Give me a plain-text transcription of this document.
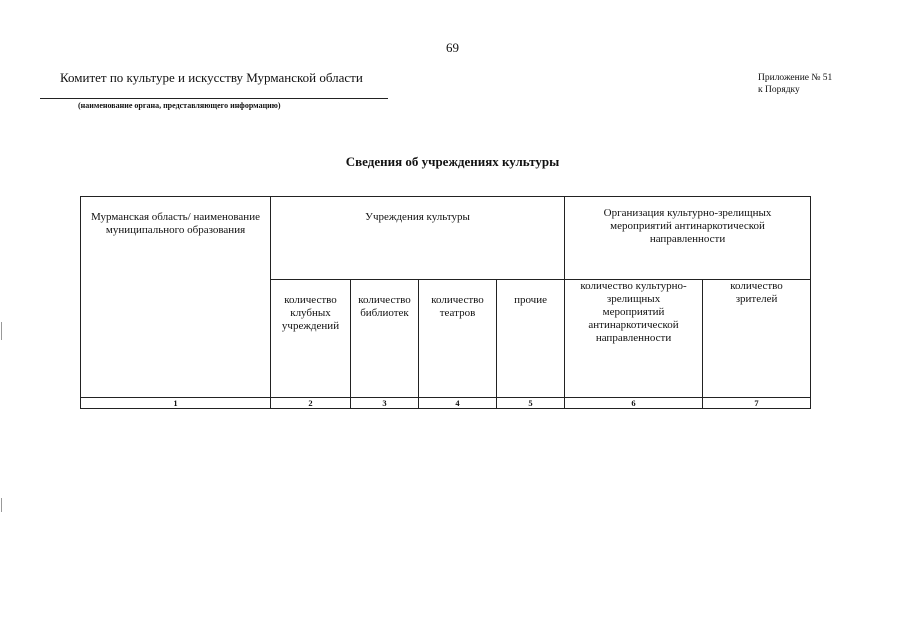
69
Комитет по культуре и искусству Мурманской области
(наименование органа, представляющего информацию)
Приложение № 51
к Порядку
Сведения об учреждениях культуры
Мурманская область/ наименование муниципального образования	Учреждения культуры				Организация культурно-зрелищных мероприятий антинаркотической направленности	
	количество клубных учреждений	количество библиотек	количество театров	прочие	количество культурно-зрелищных мероприятий антинаркотической направленности	количество зрителей
1	2	3	4	5	6	7
